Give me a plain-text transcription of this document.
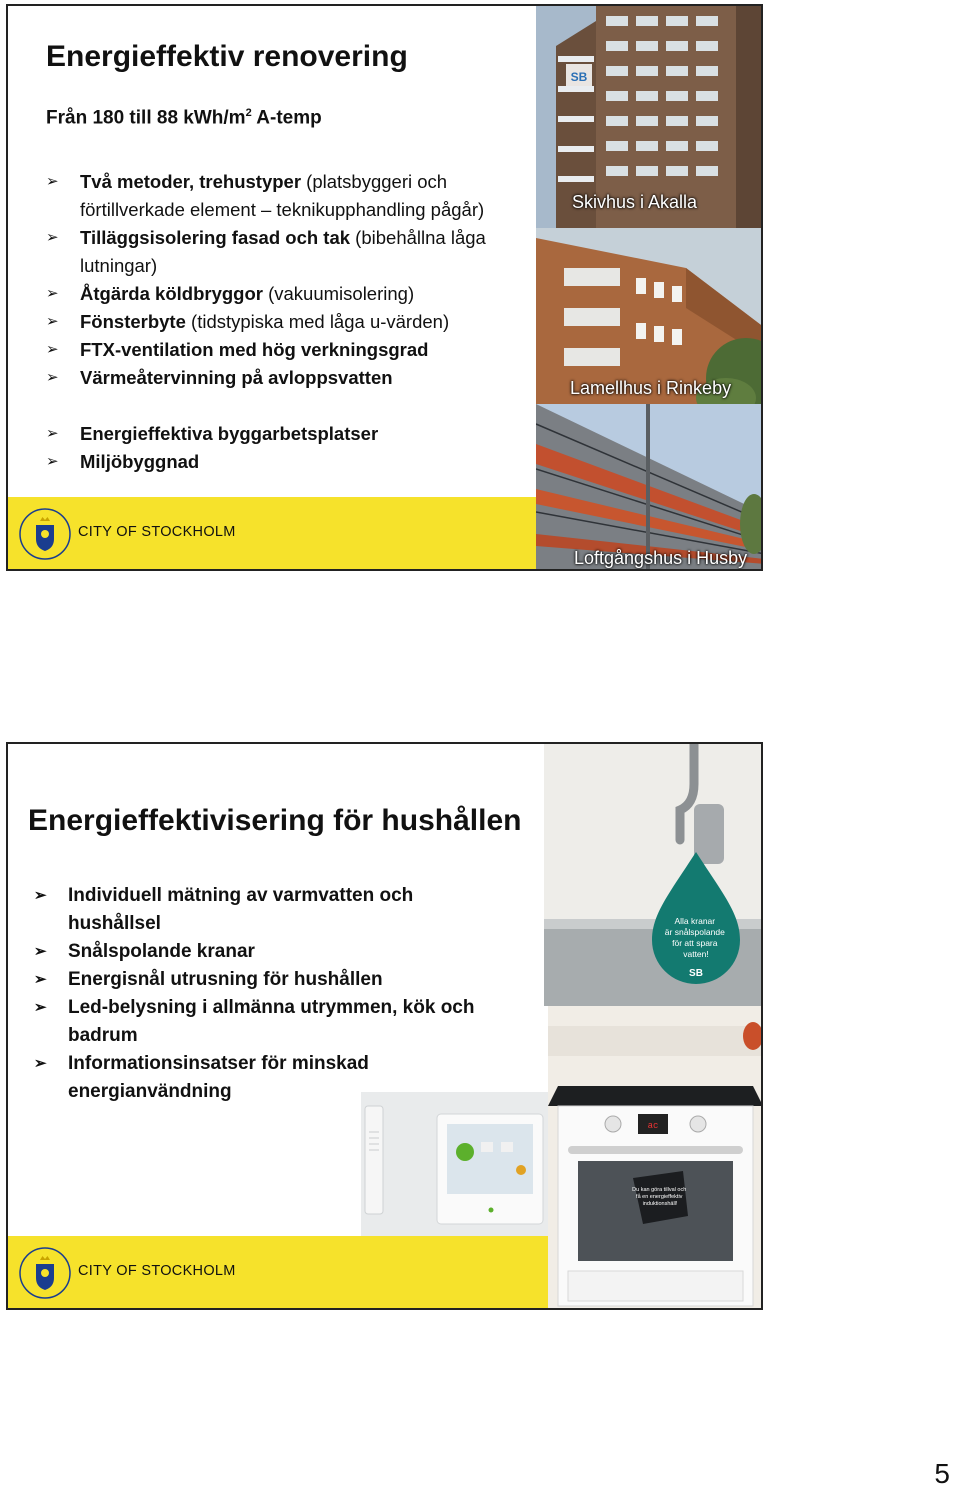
Energieffektiv renovering
Från 180 till 88 kWh/$m^2$ A-temp
➢ Två metoder, trehustyper (platsbyggeri och förtillverkade element – teknikupphandling pågår)
➢ Tilläggsisolering fasad och tak (bibehållna låga lutningar)
➢ Åtgärda köldbryggor (vakuumisolering)
➢ Fönsterbyte (tidstypiska med låga u-värden)
➢ FTX-ventilation med hög verkningsgrad
➢ Värmeåtervinning på avloppsvatten
➢ Energieffektiva byggarbetsplatser
➢ Miljöbyggnad
CITY OF STOCKHOLM
SB
Skivhus i Akalla
Lamellhus i Rinkeby
Loftgångshus i Husby
Energieffektivisering för hushållen
➢ Individuell mätning av varmvatten och hushållsel
➢ Snålspolande kranar
➢ Energisnål utrusning för hushållen
➢ Led-belysning i allmänna utrymmen, kök och badrum
➢ Informationsinsatser för minskad energianvändning
Alla kranar är snålspolande för att spara vatten!
SB
ac
Du kan göra tillval och få en energieffektiv induktionshäll!
CITY OF STOCKHOLM
5
